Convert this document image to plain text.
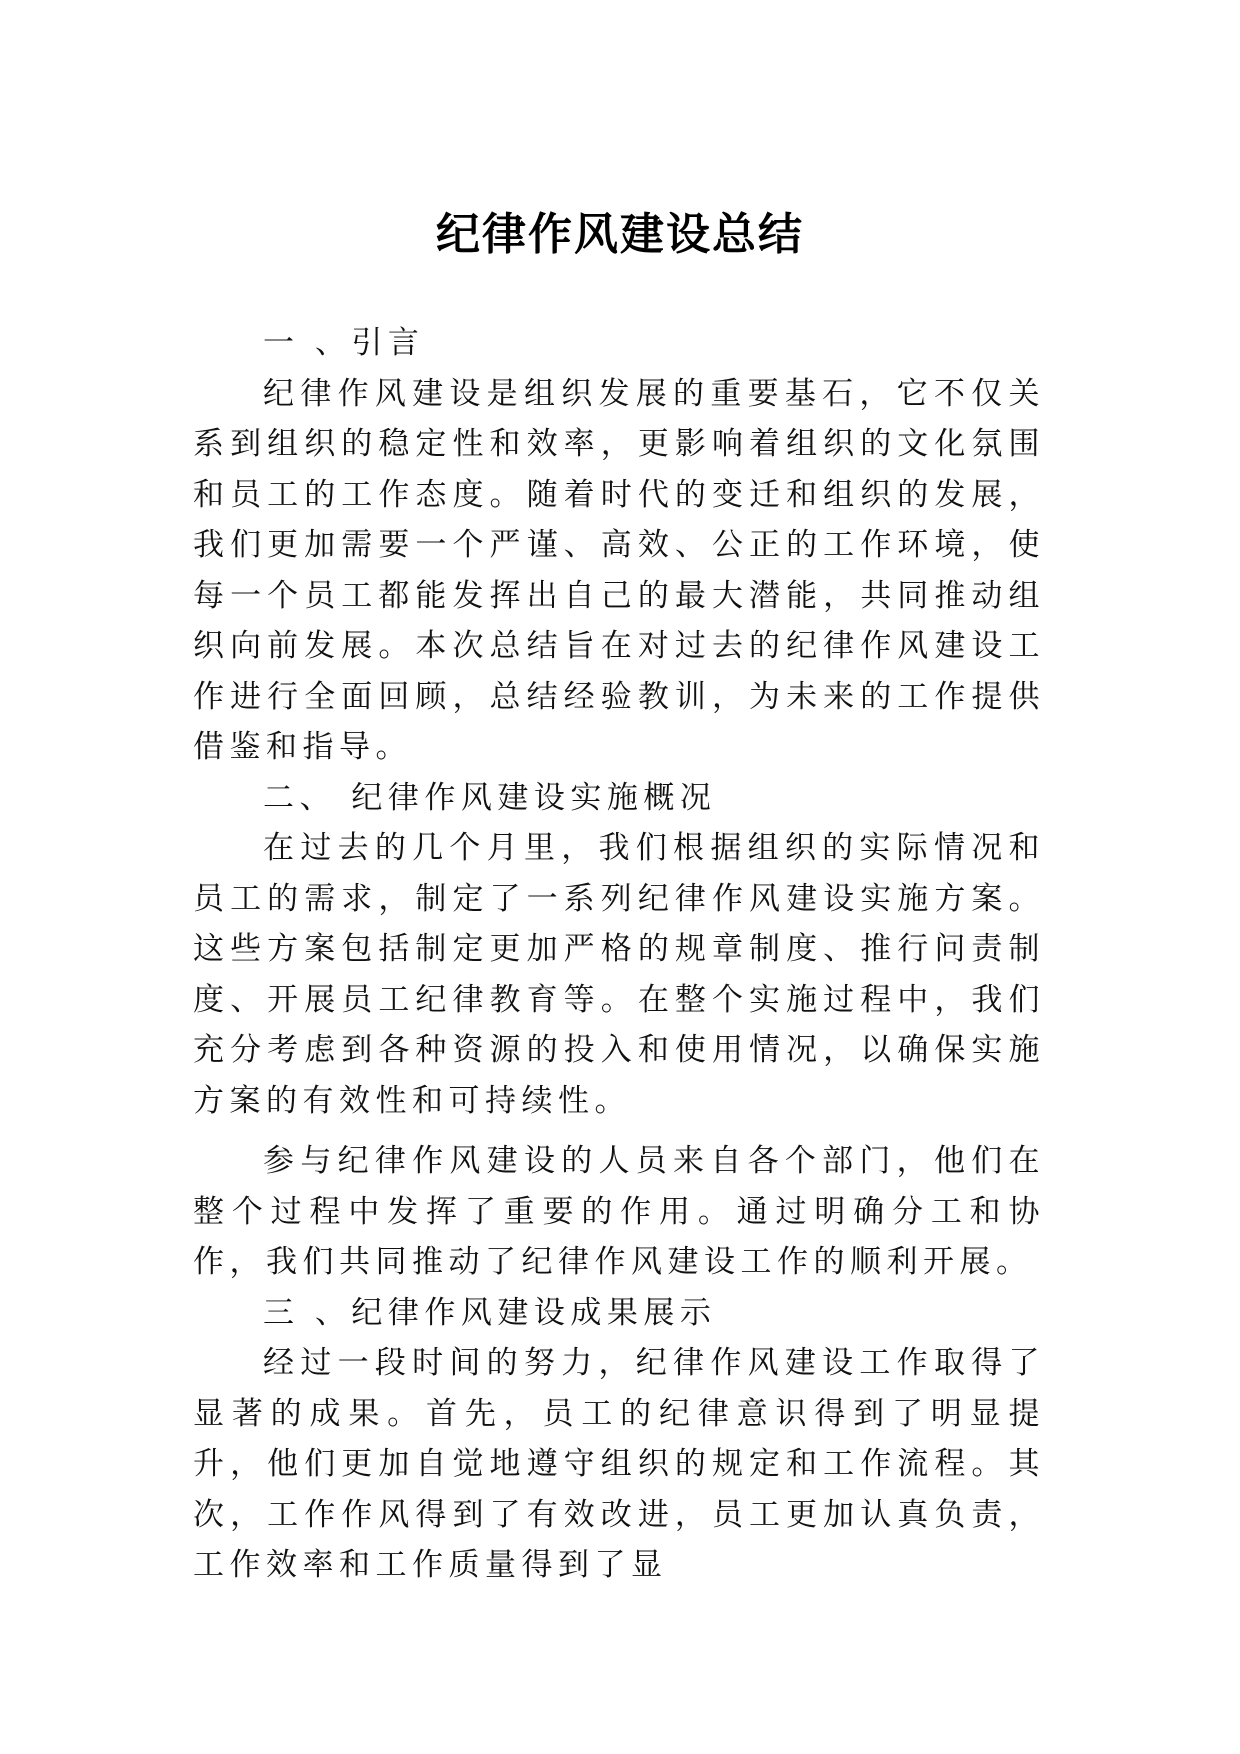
纪律作风建设总结

一 、引言

纪律作风建设是组织发展的重要基石，它不仅关系到组织的稳定性和效率，更影响着组织的文化氛围和员工的工作态度。随着时代的变迁和组织的发展，我们更加需要一个严谨、高效、公正的工作环境，使每一个员工都能发挥出自己的最大潜能，共同推动组织向前发展。本次总结旨在对过去的纪律作风建设工作进行全面回顾，总结经验教训，为未来的工作提供借鉴和指导。

二、 纪律作风建设实施概况

在过去的几个月里，我们根据组织的实际情况和员工的需求，制定了一系列纪律作风建设实施方案。这些方案包括制定更加严格的规章制度、推行问责制度、开展员工纪律教育等。在整个实施过程中，我们充分考虑到各种资源的投入和使用情况，以确保实施方案的有效性和可持续性。

参与纪律作风建设的人员来自各个部门，他们在整个过程中发挥了重要的作用。通过明确分工和协作，我们共同推动了纪律作风建设工作的顺利开展。

三 、纪律作风建设成果展示

经过一段时间的努力，纪律作风建设工作取得了显著的成果。首先，员工的纪律意识得到了明显提升，他们更加自觉地遵守组织的规定和工作流程。其次，工作作风得到了有效改进，员工更加认真负责，工作效率和工作质量得到了显
